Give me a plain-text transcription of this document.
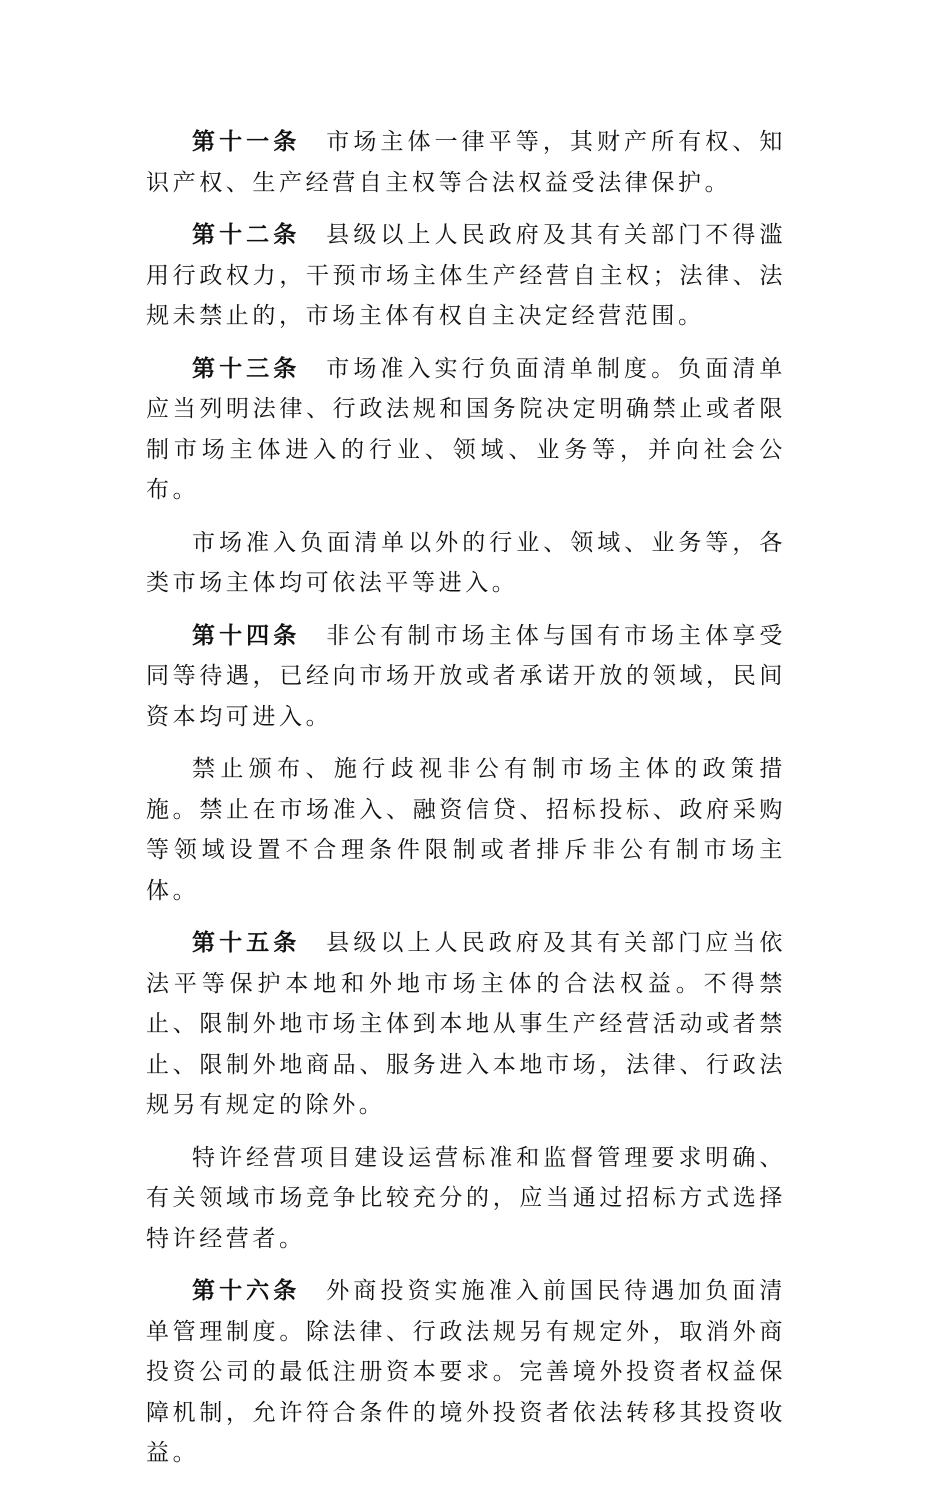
第十一条 市场主体一律平等，其财产所有权、知识产权、生产经营自主权等合法权益受法律保护。

第十二条 县级以上人民政府及其有关部门不得滥用行政权力，干预市场主体生产经营自主权；法律、法规未禁止的，市场主体有权自主决定经营范围。

第十三条 市场准入实行负面清单制度。负面清单应当列明法律、行政法规和国务院决定明确禁止或者限制市场主体进入的行业、领域、业务等，并向社会公布。

市场准入负面清单以外的行业、领域、业务等，各类市场主体均可依法平等进入。

第十四条 非公有制市场主体与国有市场主体享受同等待遇，已经向市场开放或者承诺开放的领域，民间资本均可进入。

禁止颁布、施行歧视非公有制市场主体的政策措施。禁止在市场准入、融资信贷、招标投标、政府采购等领域设置不合理条件限制或者排斥非公有制市场主体。

第十五条 县级以上人民政府及其有关部门应当依法平等保护本地和外地市场主体的合法权益。不得禁止、限制外地市场主体到本地从事生产经营活动或者禁止、限制外地商品、服务进入本地市场，法律、行政法规另有规定的除外。

特许经营项目建设运营标准和监督管理要求明确、有关领域市场竞争比较充分的，应当通过招标方式选择特许经营者。

第十六条 外商投资实施准入前国民待遇加负面清单管理制度。除法律、行政法规另有规定外，取消外商投资公司的最低注册资本要求。完善境外投资者权益保障机制，允许符合条件的境外投资者依法转移其投资收益。
